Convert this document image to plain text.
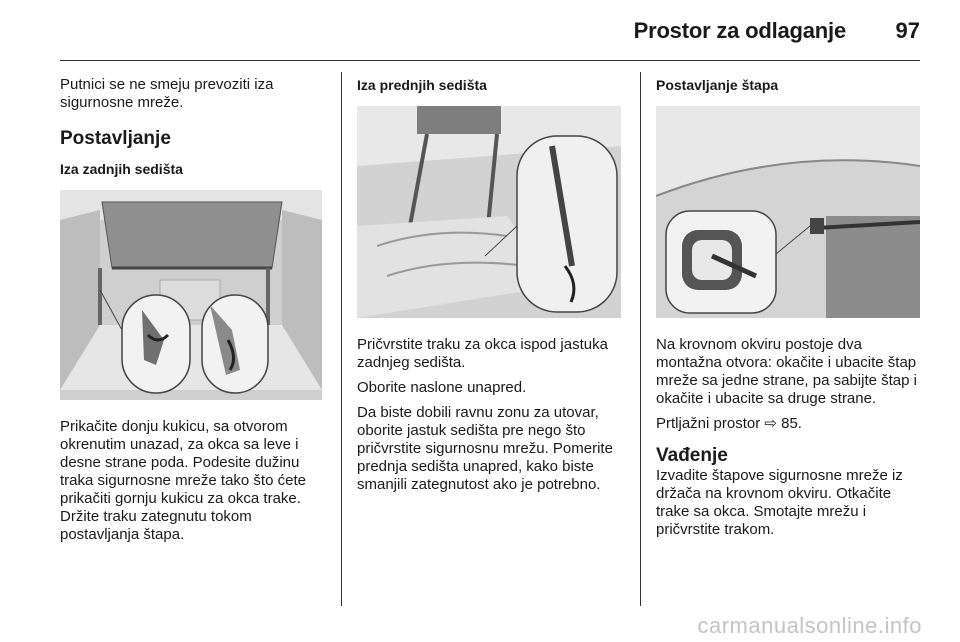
Prostor za odlaganje	97

Putnici se ne smeju prevoziti iza sigurnosne mreže.

Postavljanje
Iza zadnjih sedišta

Prikačite donju kukicu, sa otvorom okrenutim unazad, za okca sa leve i desne strane poda. Podesite dužinu traka sigurnosne mreže tako što ćete prikačiti gornju kukicu za okca trake. Držite traku zategnutu tokom postavljanja štapa.

Iza prednjih sedišta

Pričvrstite traku za okca ispod jastuka zadnjeg sedišta.

Oborite naslone unapred.

Da biste dobili ravnu zonu za utovar, oborite jastuk sedišta pre nego što pričvrstite sigurnosnu mrežu. Pomerite prednja sedišta unapred, kako biste smanjili zategnutost ako je potrebno.

Postavljanje štapa

Na krovnom okviru postoje dva montažna otvora: okačite i ubacite štap mreže sa jedne strane, pa sabijte štap i okačite i ubacite sa druge strane.

Prtljažni prostor ⇨ 85.

Vađenje

Izvadite štapove sigurnosne mreže iz držača na krovnom okviru. Otkačite trake sa okca. Smotajte mrežu i pričvrstite trakom.

carmanualsonline.info
